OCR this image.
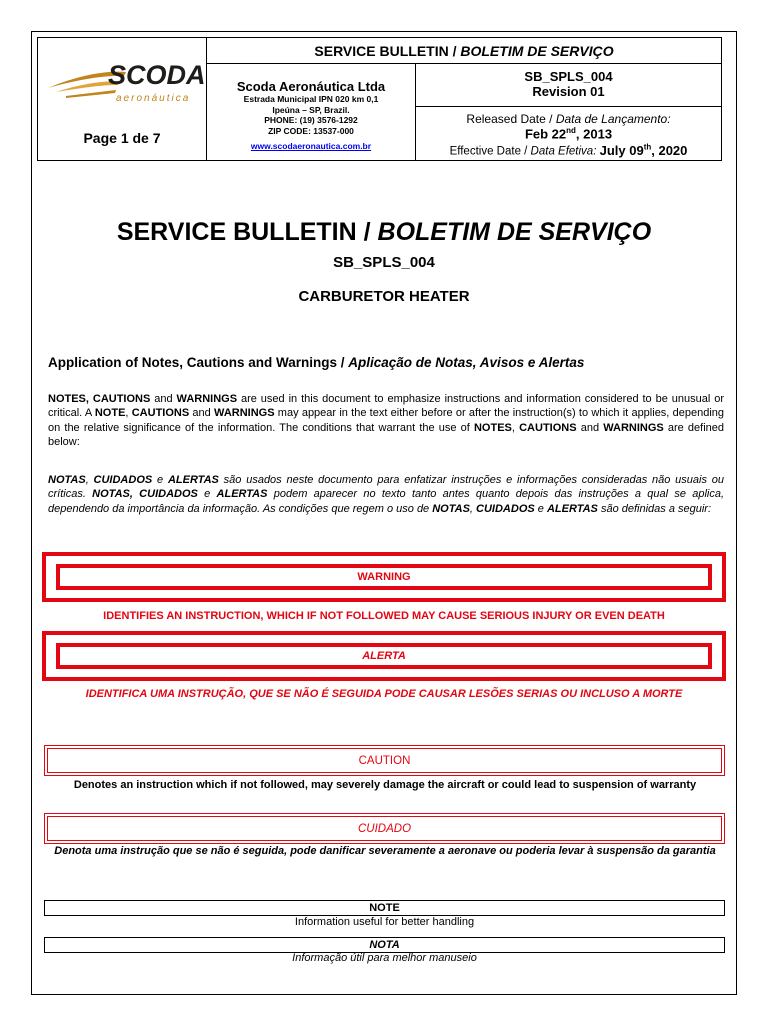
SCODA
aeronáutica
Page 1 de 7
SERVICE BULLETIN /
BOLETIM DE SERVIÇO
Scoda Aeronáutica Ltda
Estrada Municipal IPN 020 km 0,1
Ipeúna – SP, Brazil.
PHONE: (19) 3576-1292
ZIP CODE: 13537-000
www.scodaeronautica.com.br
SB_SPLS_004
Revision 01
Released Date / Data de Lançamento:
Feb 22nd, 2013
Effective Date / Data Efetiva: July 09th, 2020
SERVICE BULLETIN / BOLETIM DE SERVIÇO
SB_SPLS_004
CARBURETOR HEATER
Application of Notes, Cautions and Warnings / Aplicação de Notas, Avisos e Alertas
NOTES, CAUTIONS and WARNINGS are used in this document to emphasize instructions and information considered to be unusual or critical. A NOTE, CAUTIONS and WARNINGS may appear in the text either before or after the instruction(s) to which it applies, depending on the relative significance of the information. The conditions that warrant the use of NOTES, CAUTIONS and WARNINGS are defined below:
NOTAS, CUIDADOS e ALERTAS são usados neste documento para enfatizar instruções e informações consideradas não usuais ou críticas. NOTAS, CUIDADOS e ALERTAS podem aparecer no texto tanto antes quanto depois das instruções a qual se aplica, dependendo da importância da informação. As condições que regem o uso de NOTAS, CUIDADOS e ALERTAS são definidas a seguir:
WARNING
IDENTIFIES AN INSTRUCTION, WHICH IF NOT FOLLOWED MAY CAUSE SERIOUS INJURY OR EVEN DEATH
ALERTA
IDENTIFICA UMA INSTRUÇÃO, QUE SE NÃO É SEGUIDA PODE CAUSAR LESÕES SERIAS OU INCLUSO A MORTE
CAUTION
Denotes an instruction which if not followed, may severely damage the aircraft or could lead to suspension of warranty
CUIDADO
Denota uma instrução que se não é seguida, pode danificar severamente a aeronave ou poderia levar à suspensão da garantia
NOTE
Information useful for better handling
NOTA
Informação útil para melhor manuseio
